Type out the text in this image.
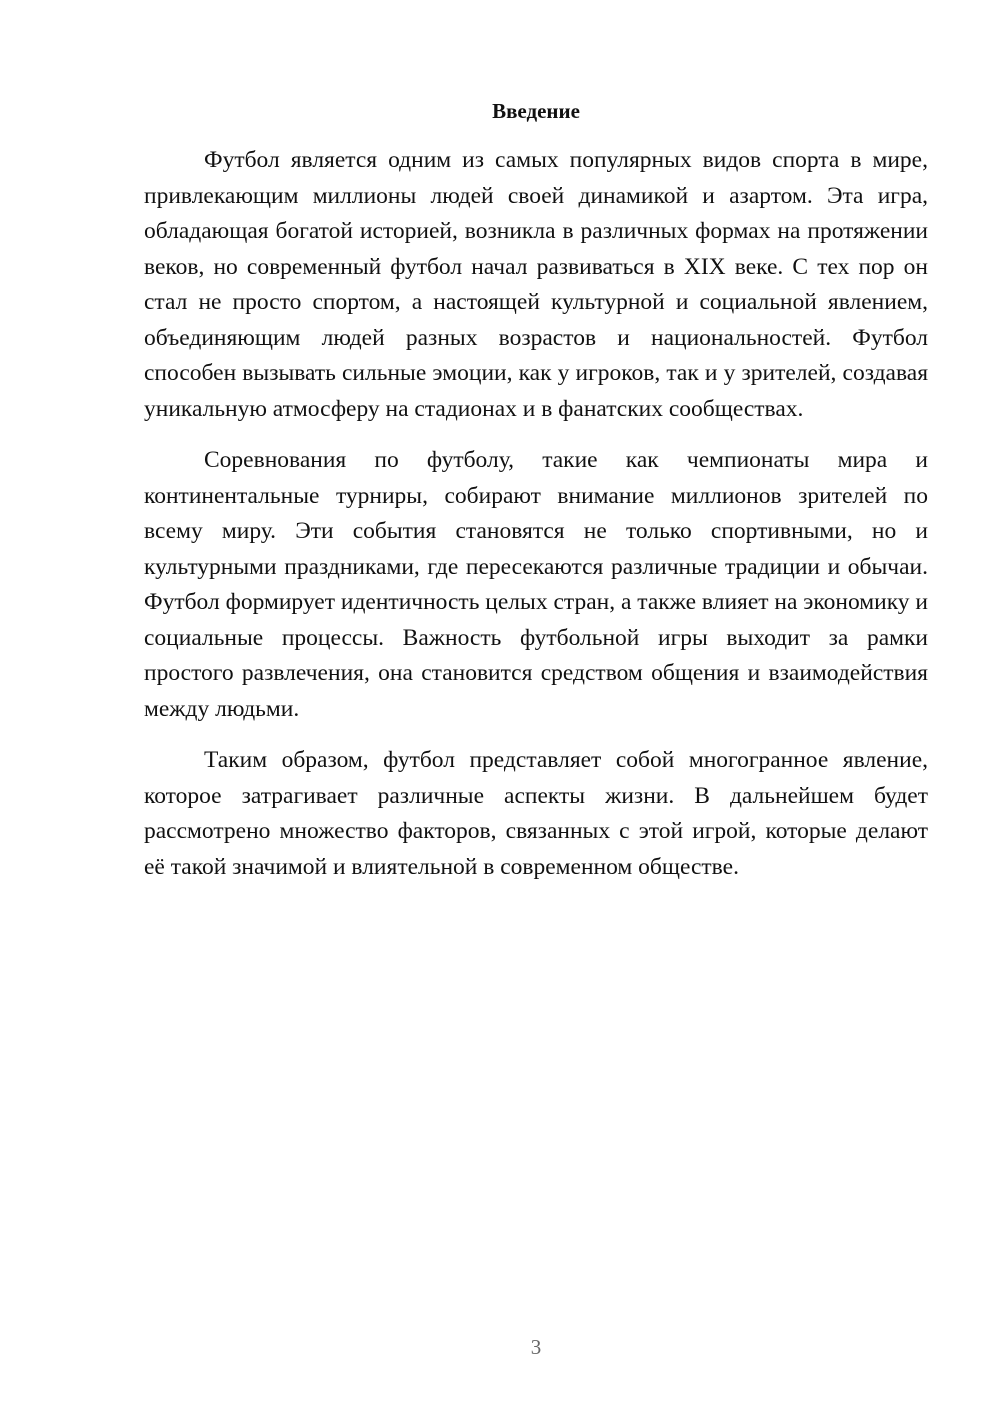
Введение

Футбол является одним из самых популярных видов спорта в мире, привлекающим миллионы людей своей динамикой и азартом. Эта игра, обладающая богатой историей, возникла в различных формах на протяжении веков, но современный футбол начал развиваться в XIX веке. С тех пор он стал не просто спортом, а настоящей культурной и социальной явлением, объединяющим людей разных возрастов и национальностей. Футбол способен вызывать сильные эмоции, как у игроков, так и у зрителей, создавая уникальную атмосферу на стадионах и в фанатских сообществах.

Соревнования по футболу, такие как чемпионаты мира и континентальные турниры, собирают внимание миллионов зрителей по всему миру. Эти события становятся не только спортивными, но и культурными праздниками, где пересекаются различные традиции и обычаи. Футбол формирует идентичность целых стран, а также влияет на экономику и социальные процессы. Важность футбольной игры выходит за рамки простого развлечения, она становится средством общения и взаимодействия между людьми.

Таким образом, футбол представляет собой многогранное явление, которое затрагивает различные аспекты жизни. В дальнейшем будет рассмотрено множество факторов, связанных с этой игрой, которые делают её такой значимой и влиятельной в современном обществе.

3
